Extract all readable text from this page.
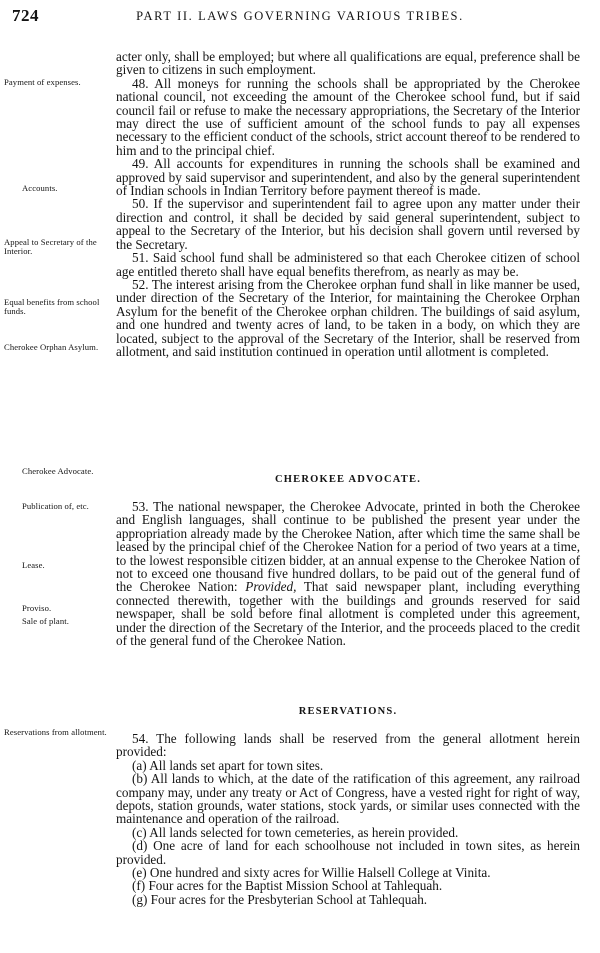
724	PART II. LAWS GOVERNING VARIOUS TRIBES.
Payment of expenses.
Accounts.
Appeal to Secretary of the Interior.
Equal benefits from school funds.
Cherokee Orphan Asylum.
Cherokee Advocate.
Publication of, etc.
Lease.
Proviso.
Sale of plant.
Reservations from allotment.

acter only, shall be employed; but where all qualifications are equal, preference shall be given to citizens in such employment.

48. All moneys for running the schools shall be appropriated by the Cherokee national council, not exceeding the amount of the Cherokee school fund, but if said council fail or refuse to make the necessary appropriations, the Secretary of the Interior may direct the use of sufficient amount of the school funds to pay all expenses necessary to the efficient conduct of the schools, strict account thereof to be rendered to him and to the principal chief.

49. All accounts for expenditures in running the schools shall be examined and approved by said supervisor and superintendent, and also by the general superintendent of Indian schools in Indian Territory before payment thereof is made.

50. If the supervisor and superintendent fail to agree upon any matter under their direction and control, it shall be decided by said general superintendent, subject to appeal to the Secretary of the Interior, but his decision shall govern until reversed by the Secretary.

51. Said school fund shall be administered so that each Cherokee citizen of school age entitled thereto shall have equal benefits therefrom, as nearly as may be.

52. The interest arising from the Cherokee orphan fund shall in like manner be used, under direction of the Secretary of the Interior, for maintaining the Cherokee Orphan Asylum for the benefit of the Cherokee orphan children. The buildings of said asylum, and one hundred and twenty acres of land, to be taken in a body, on which they are located, subject to the approval of the Secretary of the Interior, shall be reserved from allotment, and said institution continued in operation until allotment is completed.

CHEROKEE ADVOCATE.

53. The national newspaper, the Cherokee Advocate, printed in both the Cherokee and English languages, shall continue to be published the present year under the appropriation already made by the Cherokee Nation, after which time the same shall be leased by the principal chief of the Cherokee Nation for a period of two years at a time, to the lowest responsible citizen bidder, at an annual expense to the Cherokee Nation of not to exceed one thousand five hundred dollars, to be paid out of the general fund of the Cherokee Nation: Provided, That said newspaper plant, including everything connected therewith, together with the buildings and grounds reserved for said newspaper, shall be sold before final allotment is completed under this agreement, under the direction of the Secretary of the Interior, and the proceeds placed to the credit of the general fund of the Cherokee Nation.

RESERVATIONS.

54. The following lands shall be reserved from the general allotment herein provided:

(a) All lands set apart for town sites.

(b) All lands to which, at the date of the ratification of this agreement, any railroad company may, under any treaty or Act of Congress, have a vested right for right of way, depots, station grounds, water stations, stock yards, or similar uses connected with the maintenance and operation of the railroad.

(c) All lands selected for town cemeteries, as herein provided.

(d) One acre of land for each schoolhouse not included in town sites, as herein provided.

(e) One hundred and sixty acres for Willie Halsell College at Vinita.

(f) Four acres for the Baptist Mission School at Tahlequah.

(g) Four acres for the Presbyterian School at Tahlequah.
